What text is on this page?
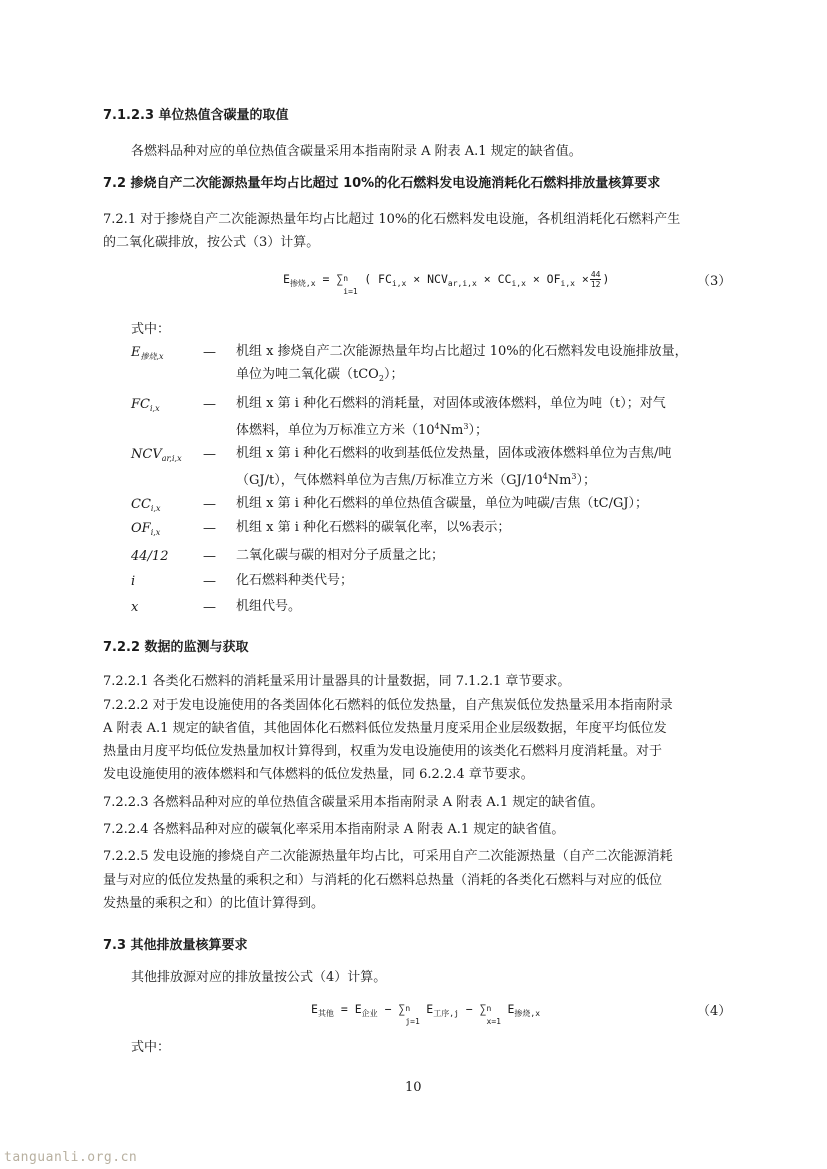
7.1.2.3 单位热值含碳量的取值
各燃料品种对应的单位热值含碳量采用本指南附录 A 附表 A.1 规定的缺省值。
7.2 掺烧自产二次能源热量年均占比超过 10%的化石燃料发电设施消耗化石燃料排放量核算要求
7.2.1 对于掺烧自产二次能源热量年均占比超过 10%的化石燃料发电设施，各机组消耗化石燃料产生
的二氧化碳排放，按公式（3）计算。
$E_{掺烧,x}$ = ∑ n
i=1
( $FC_{i,x} \times NCV_{ar,i,x} \times CC_{i,x} \times OF_{i,x} \times \frac{44}{12}$ )	（3）
式中：
$E_{掺烧,x}$	— 机组 x 掺烧自产二次能源热量年均占比超过 10%的化石燃料发电设施排放量，
单位为吨二氧化碳（tCO$_2$）；
$FC_{i,x}$	— 机组 x 第 i 种化石燃料的消耗量，对固体或液体燃料，单位为吨（t）；对气
体燃料，单位为万标准立方米$(10^4Nm^3)$；
$NCV_{ar,i,x}$ — 机组 x 第 i 种化石燃料的收到基低位发热量，固体或液体燃料单位为吉焦/吨
（GJ/t），气体燃料单位为吉焦/万标准立方米$(GJ/10^4Nm^3)$；
$CC_{i,x}$	— 机组 x 第 i 种化石燃料的单位热值含碳量，单位为吨碳/吉焦（tC/GJ）；
$OF_{i,x}$	— 机组 x 第 i 种化石燃料的碳氧化率，以%表示；
44/12	— 二氧化碳与碳的相对分子质量之比；
i	— 化石燃料种类代号；
x	— 机组代号。
7.2.2 数据的监测与获取
7.2.2.1 各类化石燃料的消耗量采用计量器具的计量数据，同 7.1.2.1 章节要求。
7.2.2.2 对于发电设施使用的各类固体化石燃料的低位发热量，自产焦炭低位发热量采用本指南附录
A 附表 A.1 规定的缺省值，其他固体化石燃料低位发热量月度采用企业层级数据，年度平均低位发
热量由月度平均低位发热量加权计算得到，权重为发电设施使用的该类化石燃料月度消耗量。对于
发电设施使用的液体燃料和气体燃料的低位发热量，同 6.2.2.4 章节要求。
7.2.2.3 各燃料品种对应的单位热值含碳量采用本指南附录 A 附表 A.1 规定的缺省值。
7.2.2.4 各燃料品种对应的碳氧化率采用本指南附录 A 附表 A.1 规定的缺省值。
7.2.2.5 发电设施的掺烧自产二次能源热量年均占比，可采用自产二次能源热量（自产二次能源消耗
量与对应的低位发热量的乘积之和）与消耗的化石燃料总热量（消耗的各类化石燃料与对应的低位
发热量的乘积之和）的比值计算得到。
7.3 其他排放量核算要求
其他排放源对应的排放量按公式（4）计算。
$E_{其他} = E_{企业}$ − ∑ n
j=1
$E_{工序,j}$ − ∑ n
x=1
$E_{掺烧,x}$	（4）
式中：
10
tanguanli.org.cn
